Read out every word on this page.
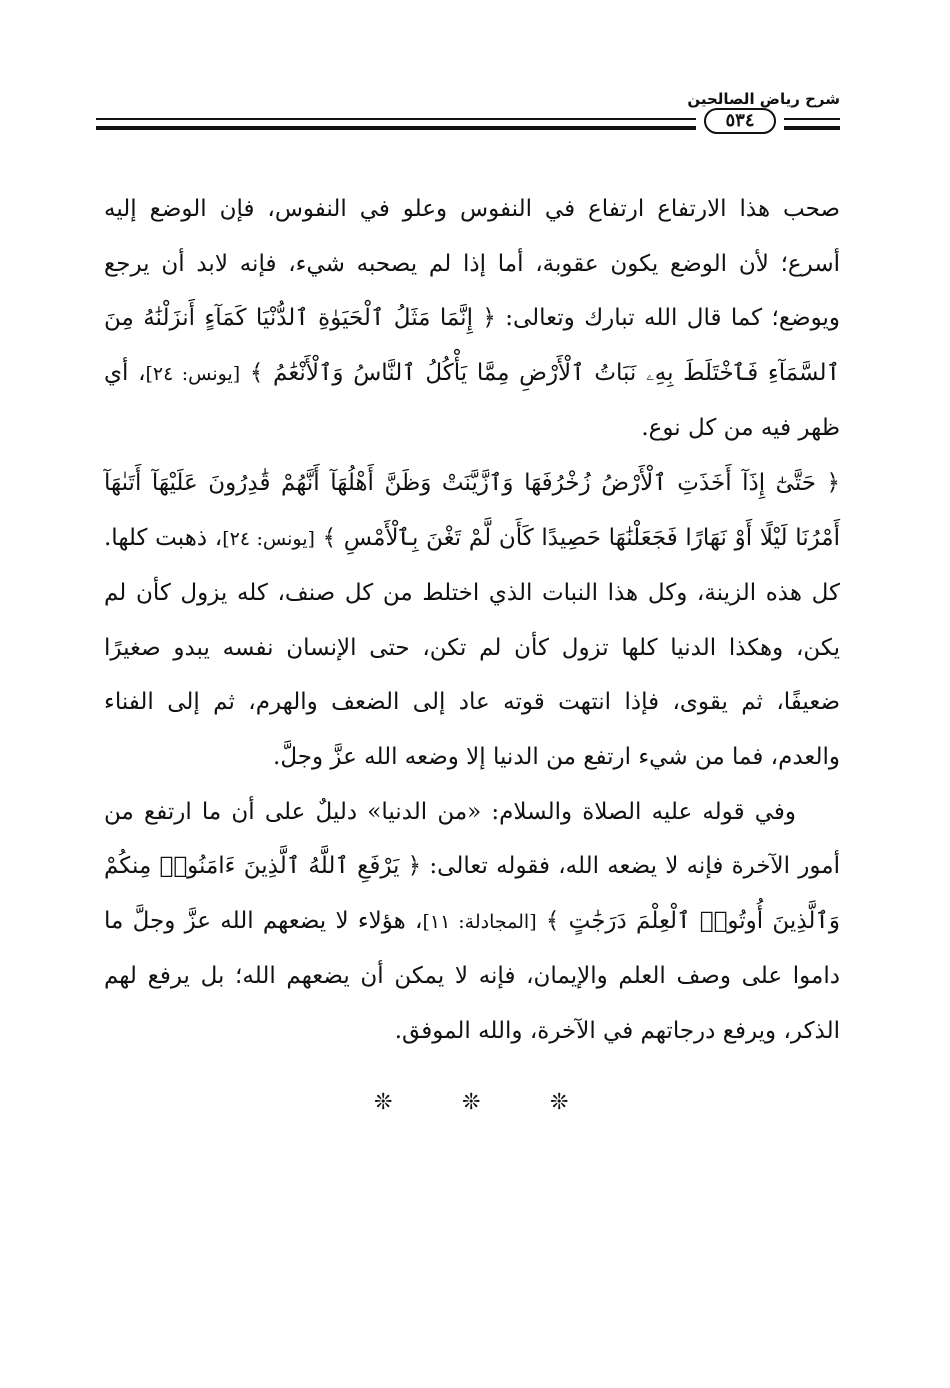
شرح رياض الصالحين
٥٣٤

صحب هذا الارتفاع ارتفاع في النفوس وعلو في النفوس، فإن الوضع إليه أسرع؛ لأن الوضع يكون عقوبة، أما إذا لم يصحبه شيء، فإنه لابد أن يرجع ويوضع؛ كما قال الله تبارك وتعالى: ﴿ إِنَّمَا مَثَلُ ٱلْحَيَوٰةِ ٱلدُّنْيَا كَمَآءٍ أَنزَلْنَٰهُ مِنَ ٱلسَّمَآءِ فَٱخْتَلَطَ بِهِۦ نَبَاتُ ٱلْأَرْضِ مِمَّا يَأْكُلُ ٱلنَّاسُ وَٱلْأَنْعَٰمُ ﴾ [يونس: ٢٤]، أي ظهر فيه من كل نوع.

﴿ حَتَّىٰٓ إِذَآ أَخَذَتِ ٱلْأَرْضُ زُخْرُفَهَا وَٱزَّيَّنَتْ وَظَنَّ أَهْلُهَآ أَنَّهُمْ قَٰدِرُونَ عَلَيْهَآ أَتَىٰهَآ أَمْرُنَا لَيْلًا أَوْ نَهَارًا فَجَعَلْنَٰهَا حَصِيدًا كَأَن لَّمْ تَغْنَ بِٱلْأَمْسِ ﴾ [يونس: ٢٤]، ذهبت كلها. كل هذه الزينة، وكل هذا النبات الذي اختلط من كل صنف، كله يزول كأن لم يكن، وهكذا الدنيا كلها تزول كأن لم تكن، حتى الإنسان نفسه يبدو صغيرًا ضعيفًا، ثم يقوى، فإذا انتهت قوته عاد إلى الضعف والهرم، ثم إلى الفناء والعدم، فما من شيء ارتفع من الدنيا إلا وضعه الله عزَّ وجلَّ.

وفي قوله عليه الصلاة والسلام: «من الدنيا» دليلٌ على أن ما ارتفع من أمور الآخرة فإنه لا يضعه الله، فقوله تعالى: ﴿ يَرْفَعِ ٱللَّهُ ٱلَّذِينَ ءَامَنُوا۟ مِنكُمْ وَٱلَّذِينَ أُوتُوا۟ ٱلْعِلْمَ دَرَجَٰتٍ ﴾ [المجادلة: ١١]، هؤلاء لا يضعهم الله عزَّ وجلَّ ما داموا على وصف العلم والإيمان، فإنه لا يمكن أن يضعهم الله؛ بل يرفع لهم الذكر، ويرفع درجاتهم في الآخرة، والله الموفق.

❊	❊	❊
